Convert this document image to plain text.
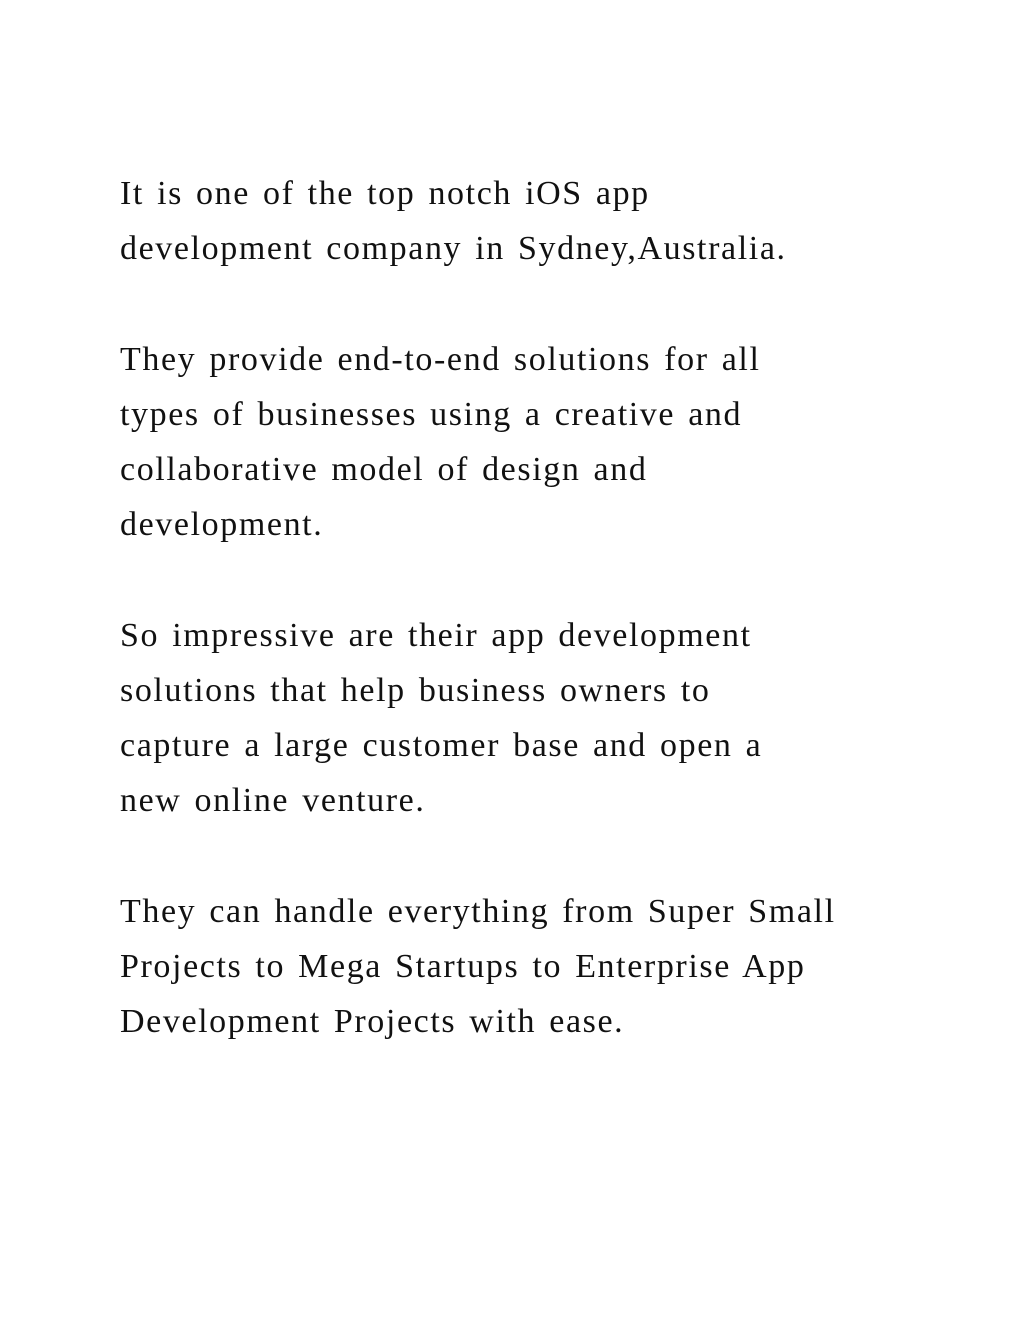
It is one of the top notch iOS app
development company in Sydney,Australia.

They provide end-to-end solutions for all
types of businesses using a creative and
collaborative model of design and
development.

So impressive are their app development
solutions that help business owners to
capture a large customer base and open a
new online venture.

They can handle everything from Super Small
Projects to Mega Startups to Enterprise App
Development Projects with ease.
